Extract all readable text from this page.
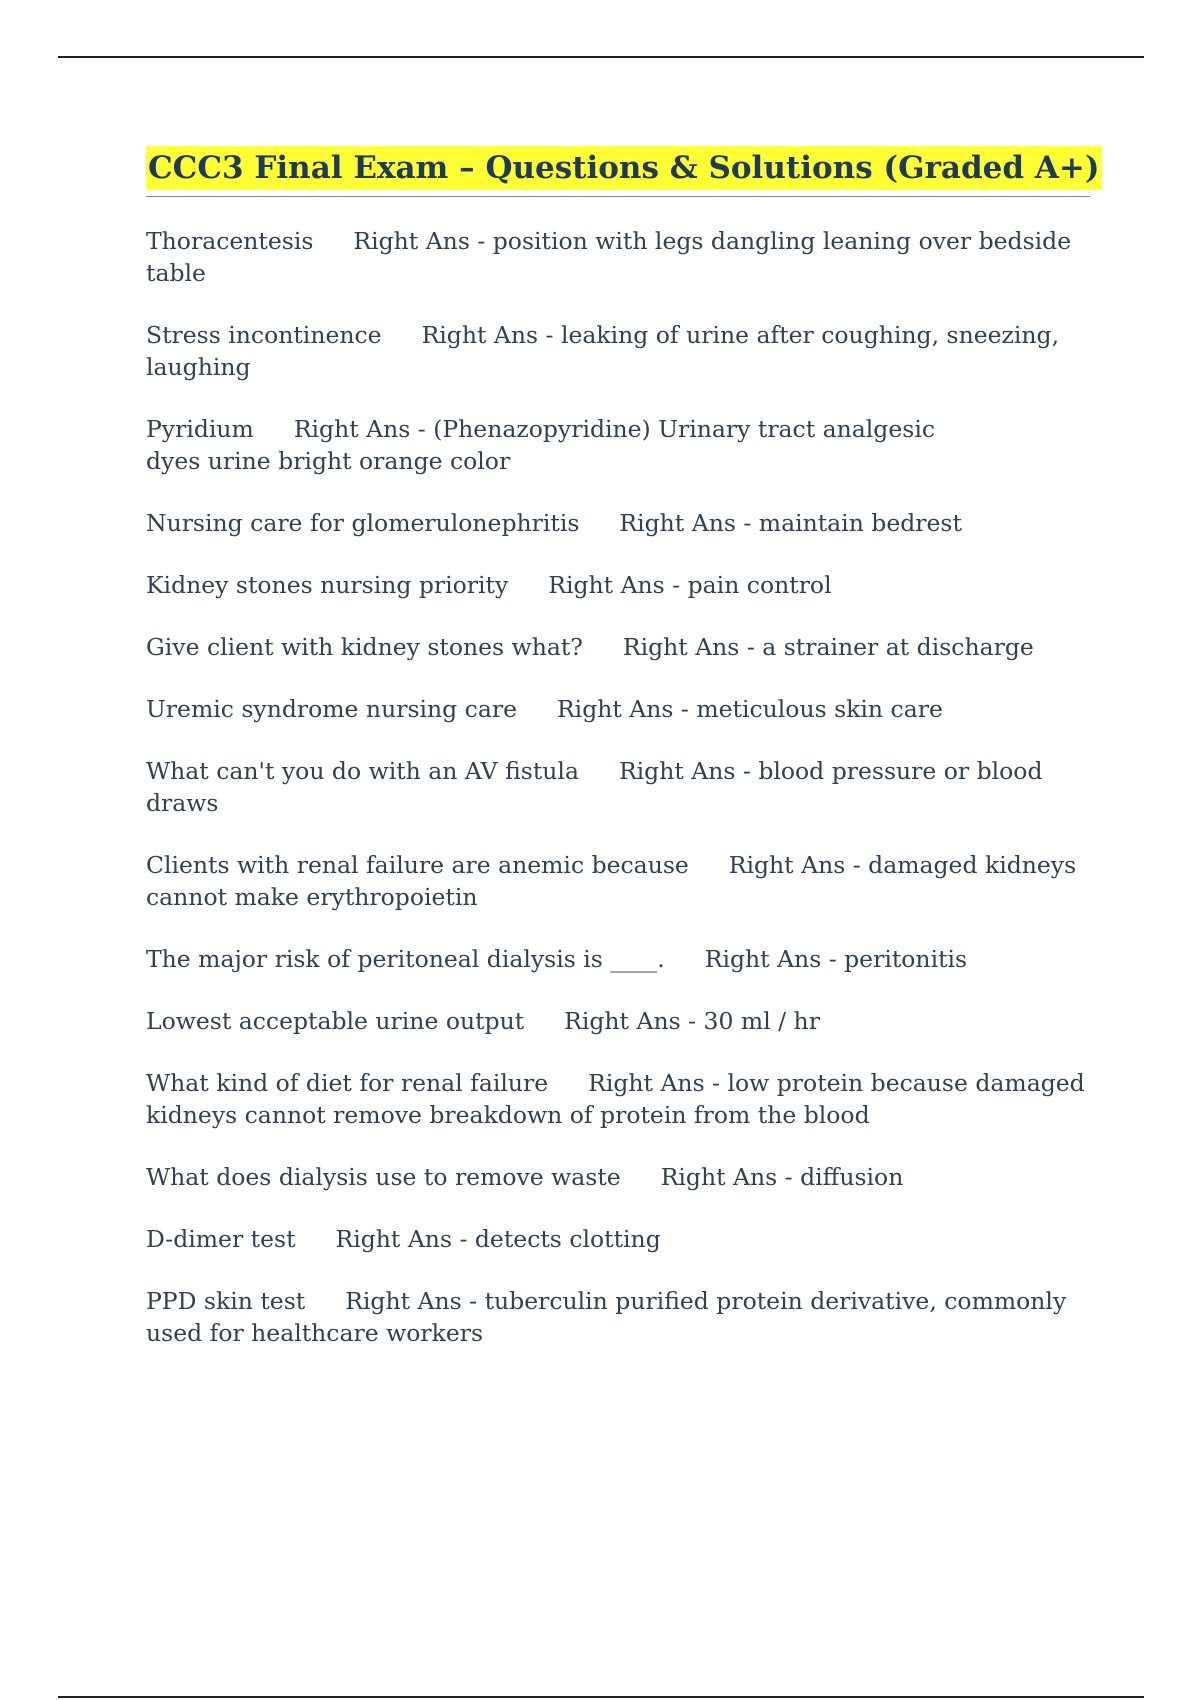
CCC3 Final Exam – Questions & Solutions (Graded A+)

Thoracentesis Right Ans - position with legs dangling leaning over bedside table

Stress incontinence Right Ans - leaking of urine after coughing, sneezing, laughing

Pyridium Right Ans - (Phenazopyridine) Urinary tract analgesic
dyes urine bright orange color

Nursing care for glomerulonephritis Right Ans - maintain bedrest

Kidney stones nursing priority Right Ans - pain control

Give client with kidney stones what? Right Ans - a strainer at discharge

Uremic syndrome nursing care Right Ans - meticulous skin care

What can't you do with an AV fistula Right Ans - blood pressure or blood draws

Clients with renal failure are anemic because Right Ans - damaged kidneys cannot make erythropoietin

The major risk of peritoneal dialysis is ____. Right Ans - peritonitis

Lowest acceptable urine output Right Ans - 30 ml / hr

What kind of diet for renal failure Right Ans - low protein because damaged kidneys cannot remove breakdown of protein from the blood

What does dialysis use to remove waste Right Ans - diffusion

D-dimer test Right Ans - detects clotting

PPD skin test Right Ans - tuberculin purified protein derivative, commonly used for healthcare workers
